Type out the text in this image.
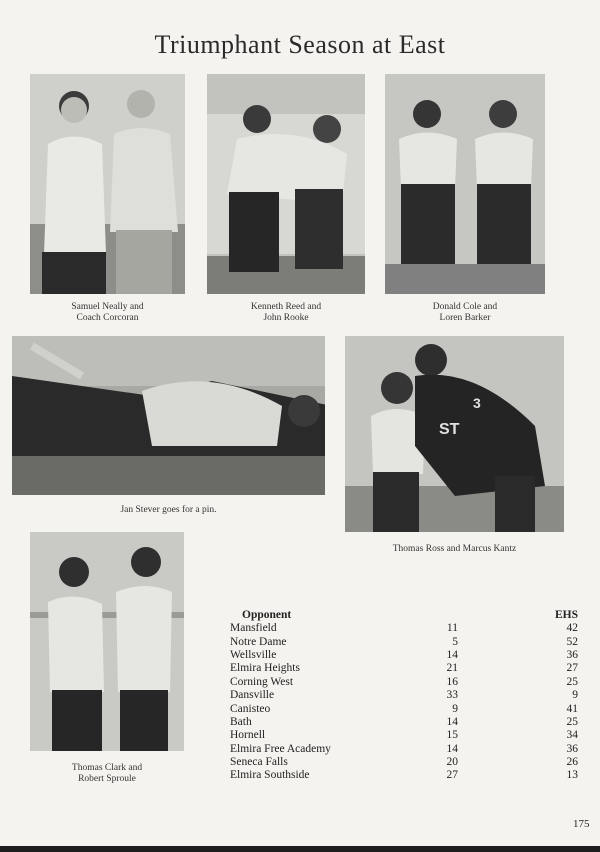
Triumphant Season at East
Samuel Neally and
Coach Corcoran
Kenneth Reed and
John Rooke
Donald Cole and
Loren Barker
Jan Stever goes for a pin.
3
ST
Thomas Ross and Marcus Kantz
Thomas Clark and
Robert Sproule
Opponent			EHS
Mansfield	11		42
Notre Dame	5		52
Wellsville	14		36
Elmira Heights	21		27
Corning West	16		25
Dansville	33		9
Canisteo	9		41
Bath	14		25
Hornell	15		34
Elmira Free Academy	14		36
Seneca Falls	20		26
Elmira Southside	27		13
175
